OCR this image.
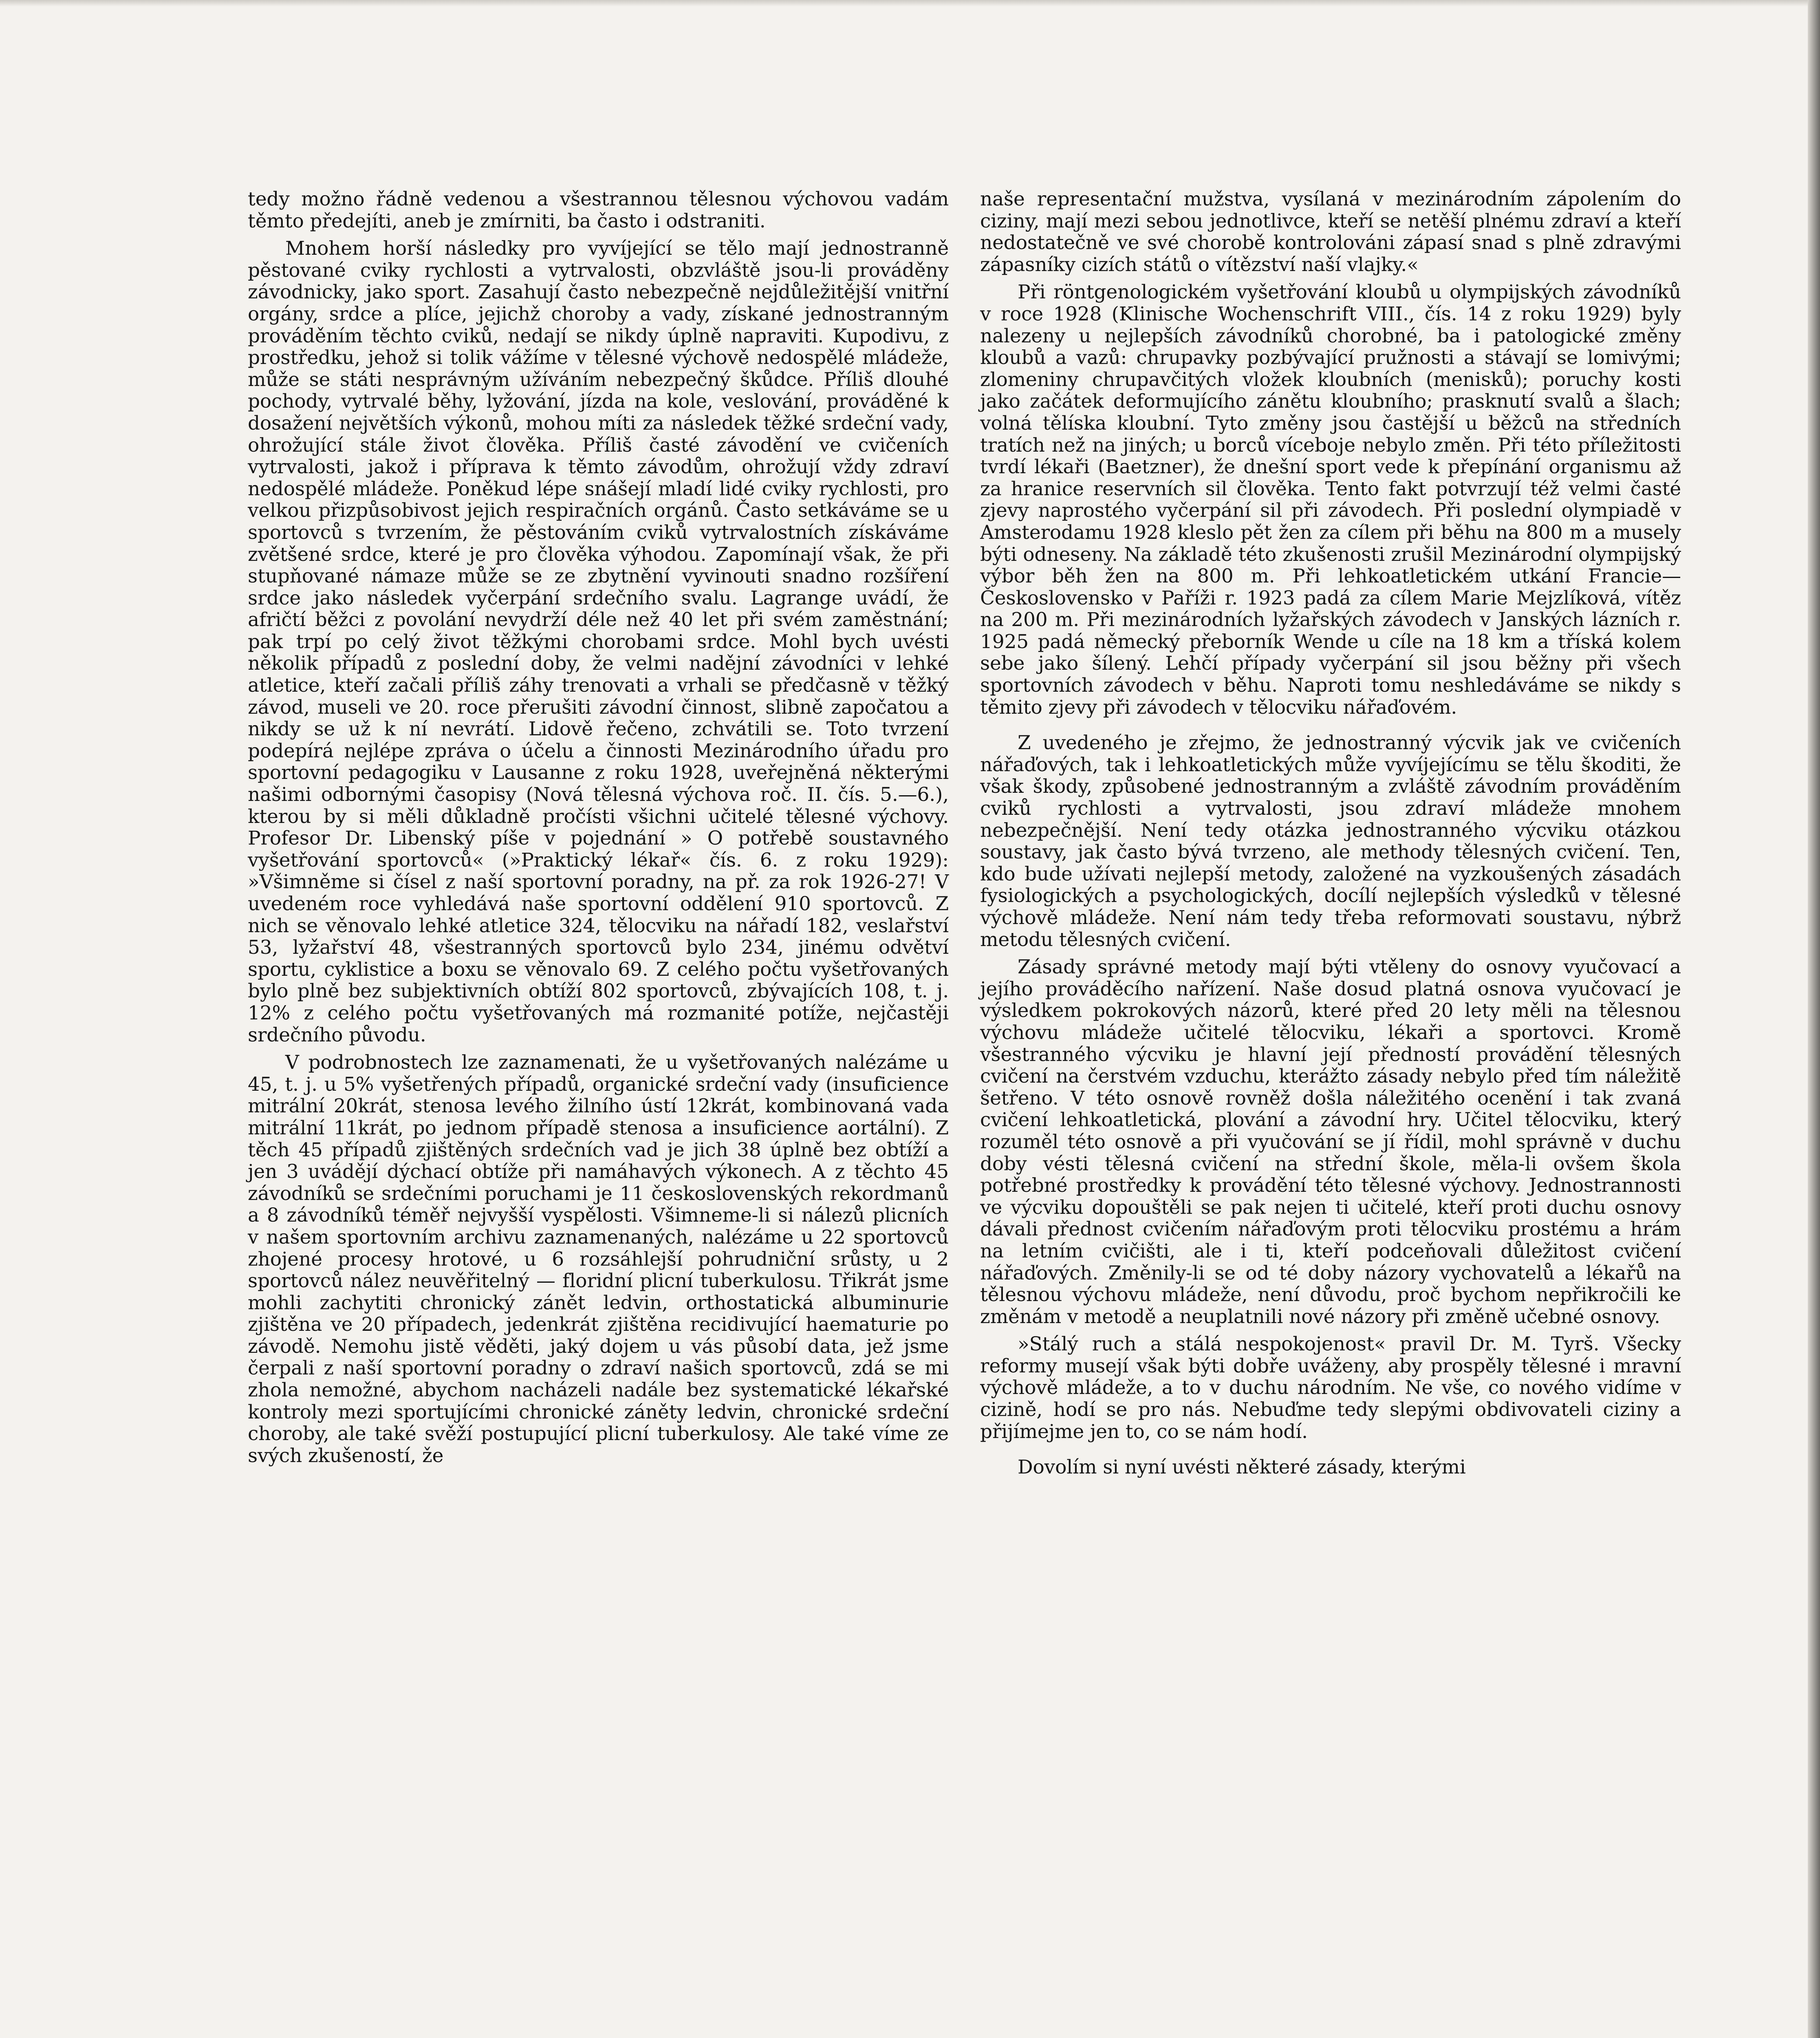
tedy možno řádně vedenou a všestrannou tělesnou výchovou vadám těmto předejíti, aneb je zmírniti, ba často i odstraniti.

Mnohem horší následky pro vyvíjející se tělo mají jednostranně pěstované cviky rychlosti a vytrvalosti, obzvláště jsou-li prováděny závodnicky, jako sport. Zasahují často nebezpečně nejdůležitější vnitřní orgány, srdce a plíce, jejichž choroby a vady, získané jednostranným prováděním těchto cviků, nedají se nikdy úplně napraviti. Kupodivu, z prostředku, jehož si tolik vážíme v tělesné výchově nedospělé mládeže, může se státi nesprávným užíváním nebezpečný škůdce. Příliš dlouhé pochody, vytrvalé běhy, lyžování, jízda na kole, veslování, prováděné k dosažení největších výkonů, mohou míti za následek těžké srdeční vady, ohrožující stále život člověka. Příliš časté závodění ve cvičeních vytrvalosti, jakož i příprava k těmto závodům, ohrožují vždy zdraví nedospělé mládeže. Poněkud lépe snášejí mladí lidé cviky rychlosti, pro velkou přizpůsobivost jejich respiračních orgánů. Často setkáváme se u sportovců s tvrzením, že pěstováním cviků vytrvalostních získáváme zvětšené srdce, které je pro člověka výhodou. Zapomínají však, že při stupňované námaze může se ze zbytnění vyvinouti snadno rozšíření srdce jako následek vyčerpání srdečního svalu. Lagrange uvádí, že afričtí běžci z povolání nevydrží déle než 40 let při svém zaměstnání; pak trpí po celý život těžkými chorobami srdce. Mohl bych uvésti několik případů z poslední doby, že velmi nadějní závodníci v lehké atletice, kteří začali příliš záhy trenovati a vrhali se předčasně v těžký závod, museli ve 20. roce přerušiti závodní činnost, slibně započatou a nikdy se už k ní nevrátí. Lidově řečeno, zchvátili se. Toto tvrzení podepírá nejlépe zpráva o účelu a činnosti Mezinárodního úřadu pro sportovní pedagogiku v Lausanne z roku 1928, uveřejněná některými našimi odbornými časopisy (Nová tělesná výchova roč. II. čís. 5.—6.), kterou by si měli důkladně pročísti všichni učitelé tělesné výchovy. Profesor Dr. Libenský píše v pojednání » O potřebě soustavného vyšetřování sportovců« (»Praktický lékař« čís. 6. z roku 1929): »Všimněme si čísel z naší sportovní poradny, na př. za rok 1926-27! V uvedeném roce vyhledává naše sportovní oddělení 910 sportovců. Z nich se věnovalo lehké atletice 324, tělocviku na nářadí 182, veslařství 53, lyžařství 48, všestranných sportovců bylo 234, jinému odvětví sportu, cyklistice a boxu se věnovalo 69. Z celého počtu vyšetřovaných bylo plně bez subjektivních obtíží 802 sportovců, zbývajících 108, t. j. 12% z celého počtu vyšetřovaných má rozmanité potíže, nejčastěji srdečního původu.

V podrobnostech lze zaznamenati, že u vyšetřovaných nalézáme u 45, t. j. u 5% vyšetřených případů, organické srdeční vady (insuficience mitrální 20krát, stenosa levého žilního ústí 12krát, kombinovaná vada mitrální 11krát, po jednom případě stenosa a insuficience aortální). Z těch 45 případů zjištěných srdečních vad je jich 38 úplně bez obtíží a jen 3 uvádějí dýchací obtíže při namáhavých výkonech. A z těchto 45 závodníků se srdečními poruchami je 11 československých rekordmanů a 8 závodníků téměř nejvyšší vyspělosti. Všimneme-li si nálezů plicních v našem sportovním archivu zaznamenaných, nalézáme u 22 sportovců zhojené procesy hrotové, u 6 rozsáhlejší pohrudniční srůsty, u 2 sportovců nález neuvěřitelný — floridní plicní tuberkulosu. Třikrát jsme mohli zachytiti chronický zánět ledvin, orthostatická albuminurie zjištěna ve 20 případech, jedenkrát zjištěna recidivující haematurie po závodě. Nemohu jistě věděti, jaký dojem u vás působí data, jež jsme čerpali z naší sportovní poradny o zdraví našich sportovců, zdá se mi zhola nemožné, abychom nacházeli nadále bez systematické lékařské kontroly mezi sportujícími chronické záněty ledvin, chronické srdeční choroby, ale také svěží postupující plicní tuberkulosy. Ale také víme ze svých zkušeností, že

naše representační mužstva, vysílaná v mezinárodním zápolením do ciziny, mají mezi sebou jednotlivce, kteří se netěší plnému zdraví a kteří nedostatečně ve své chorobě kontrolováni zápasí snad s plně zdravými zápasníky cizích států o vítězství naší vlajky.«

Při röntgenologickém vyšetřování kloubů u olympijských závodníků v roce 1928 (Klinische Wochenschrift VIII., čís. 14 z roku 1929) byly nalezeny u nejlepších závodníků chorobné, ba i patologické změny kloubů a vazů: chrupavky pozbývající pružnosti a stávají se lomivými; zlomeniny chrupavčitých vložek kloubních (menisků); poruchy kosti jako začátek deformujícího zánětu kloubního; prasknutí svalů a šlach; volná tělíska kloubní. Tyto změny jsou častější u běžců na středních tratích než na jiných; u borců víceboje nebylo změn. Při této příležitosti tvrdí lékaři (Baetzner), že dnešní sport vede k přepínání organismu až za hranice reservních sil člověka. Tento fakt potvrzují též velmi časté zjevy naprostého vyčerpání sil při závodech. Při poslední olympiadě v Amsterodamu 1928 kleslo pět žen za cílem při běhu na 800 m a musely býti odneseny. Na základě této zkušenosti zrušil Mezinárodní olympijský výbor běh žen na 800 m. Při lehkoatletickém utkání Francie—Československo v Paříži r. 1923 padá za cílem Marie Mejzlíková, vítěz na 200 m. Při mezinárodních lyžařských závodech v Janských lázních r. 1925 padá německý přeborník Wende u cíle na 18 km a tříská kolem sebe jako šílený. Lehčí případy vyčerpání sil jsou běžny při všech sportovních závodech v běhu. Naproti tomu neshledáváme se nikdy s těmito zjevy při závodech v tělocviku nářaďovém.

Z uvedeného je zřejmo, že jednostranný výcvik jak ve cvičeních nářaďových, tak i lehkoatletických může vyvíjejícímu se tělu škoditi, že však škody, způsobené jednostranným a zvláště závodním prováděním cviků rychlosti a vytrvalosti, jsou zdraví mládeže mnohem nebezpečnější. Není tedy otázka jednostranného výcviku otázkou soustavy, jak často bývá tvrzeno, ale methody tělesných cvičení. Ten, kdo bude užívati nejlepší metody, založené na vyzkoušených zásadách fysiologických a psychologických, docílí nejlepších výsledků v tělesné výchově mládeže. Není nám tedy třeba reformovati soustavu, nýbrž metodu tělesných cvičení.

Zásady správné metody mají býti vtěleny do osnovy vyučovací a jejího prováděcího nařízení. Naše dosud platná osnova vyučovací je výsledkem pokrokových názorů, které před 20 lety měli na tělesnou výchovu mládeže učitelé tělocviku, lékaři a sportovci. Kromě všestranného výcviku je hlavní její předností provádění tělesných cvičení na čerstvém vzduchu, kterážto zásady nebylo před tím náležitě šetřeno. V této osnově rovněž došla náležitého ocenění i tak zvaná cvičení lehkoatletická, plování a závodní hry. Učitel tělocviku, který rozuměl této osnově a při vyučování se jí řídil, mohl správně v duchu doby vésti tělesná cvičení na střední škole, měla-li ovšem škola potřebné prostředky k provádění této tělesné výchovy. Jednostrannosti ve výcviku dopouštěli se pak nejen ti učitelé, kteří proti duchu osnovy dávali přednost cvičením nářaďovým proti tělocviku prostému a hrám na letním cvičišti, ale i ti, kteří podceňovali důležitost cvičení nářaďových. Změnily-li se od té doby názory vychovatelů a lékařů na tělesnou výchovu mládeže, není důvodu, proč bychom nepřikročili ke změnám v metodě a neuplatnili nové názory při změně učebné osnovy.

»Stálý ruch a stálá nespokojenost« pravil Dr. M. Tyrš. Všecky reformy musejí však býti dobře uváženy, aby prospěly tělesné i mravní výchově mládeže, a to v duchu národním. Ne vše, co nového vidíme v cizině, hodí se pro nás. Nebuďme tedy slepými obdivovateli ciziny a přijímejme jen to, co se nám hodí.

Dovolím si nyní uvésti některé zásady, kterými
